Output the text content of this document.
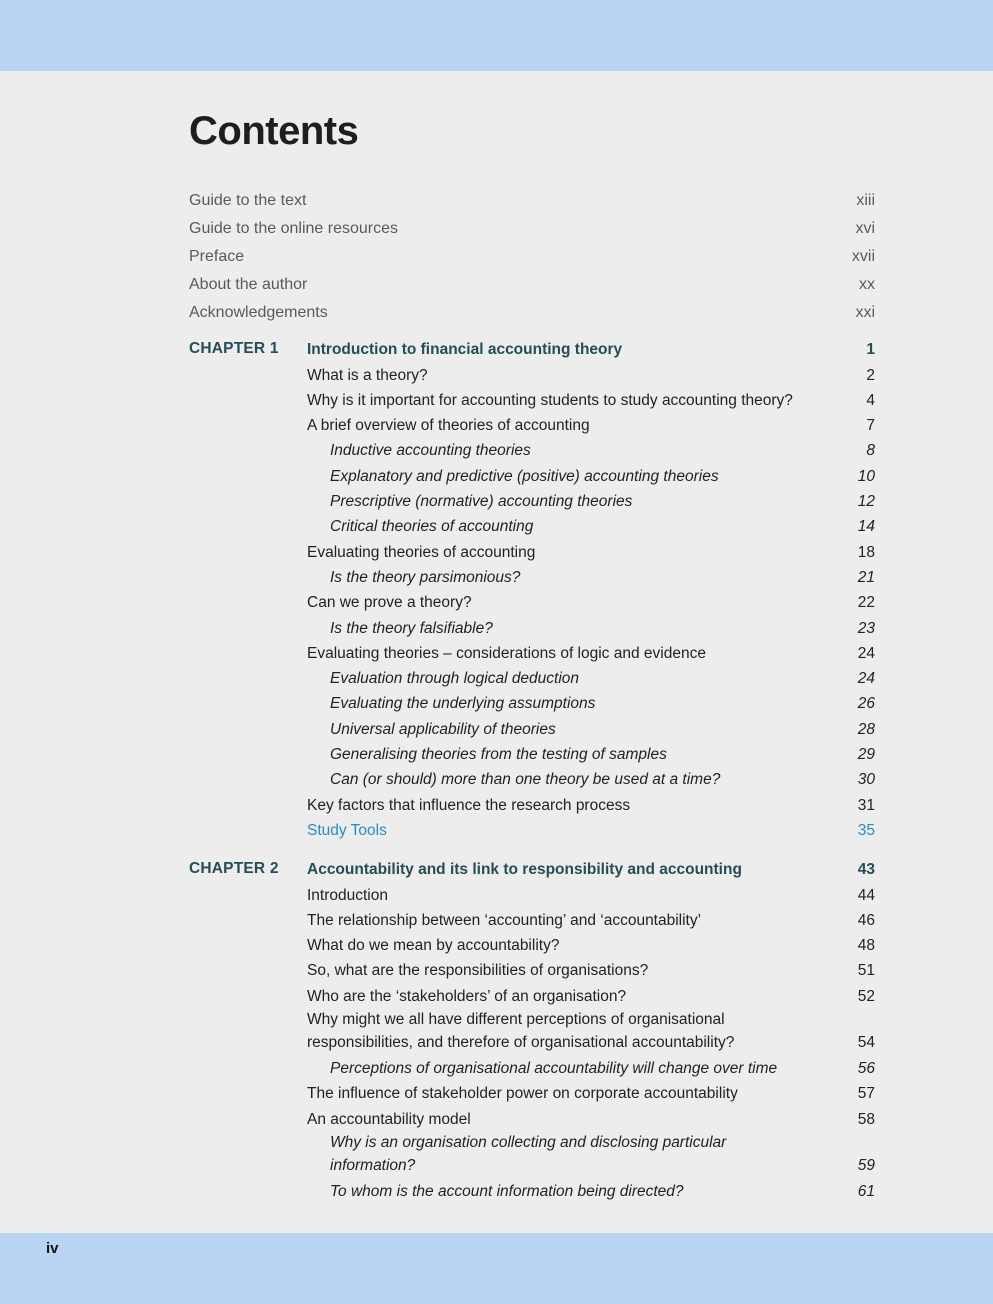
Contents
Guide to the text	xiii
Guide to the online resources	xvi
Preface	xvii
About the author	xx
Acknowledgements	xxi
CHAPTER 1 Introduction to financial accounting theory	1
What is a theory?	2
Why is it important for accounting students to study accounting theory?	4
A brief overview of theories of accounting	7
Inductive accounting theories	8
Explanatory and predictive (positive) accounting theories	10
Prescriptive (normative) accounting theories	12
Critical theories of accounting	14
Evaluating theories of accounting	18
Is the theory parsimonious?	21
Can we prove a theory?	22
Is the theory falsifiable?	23
Evaluating theories – considerations of logic and evidence	24
Evaluation through logical deduction	24
Evaluating the underlying assumptions	26
Universal applicability of theories	28
Generalising theories from the testing of samples	29
Can (or should) more than one theory be used at a time?	30
Key factors that influence the research process	31
Study Tools	35
CHAPTER 2 Accountability and its link to responsibility and accounting	43
Introduction	44
The relationship between ‘accounting’ and ‘accountability’	46
What do we mean by accountability?	48
So, what are the responsibilities of organisations?	51
Who are the ‘stakeholders’ of an organisation?	52
Why might we all have different perceptions of organisational responsibilities, and therefore of organisational accountability?	54
Perceptions of organisational accountability will change over time	56
The influence of stakeholder power on corporate accountability	57
An accountability model	58
Why is an organisation collecting and disclosing particular information?	59
To whom is the account information being directed?	61
iv
